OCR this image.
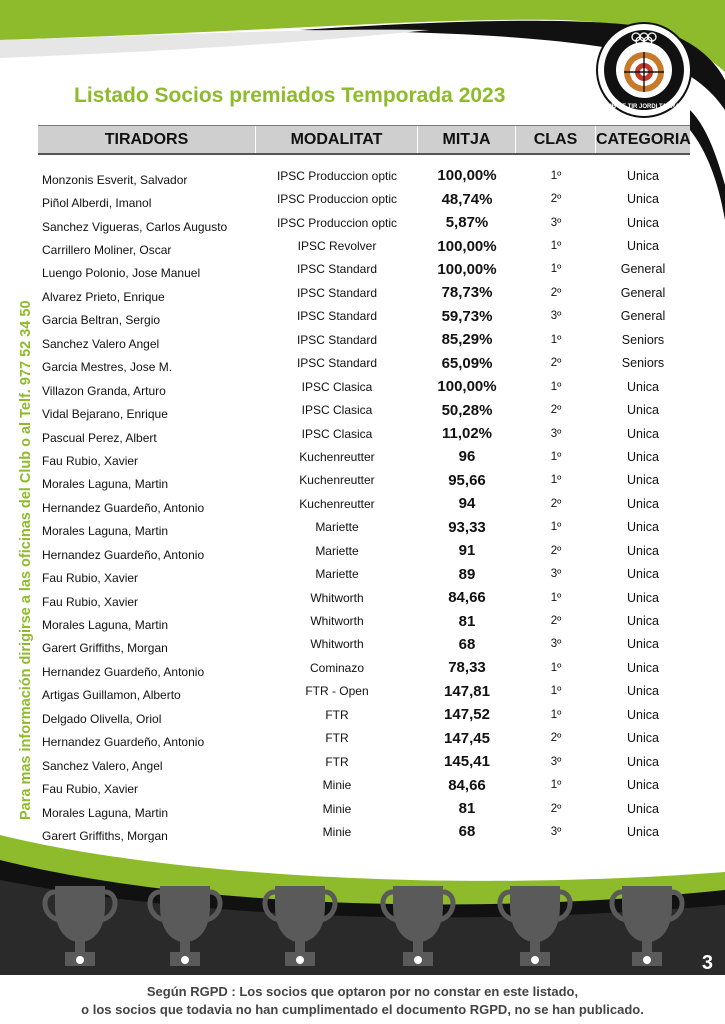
CLUB DE TIR JORDI TARRADO
Listado Socios premiados Temporada 2023
Para mas información dirigirse a las oficinas del Club o al Telf. 977 52 34 50
TIRADORS	MODALITAT	MITJA	CLAS	CATEGORIA
Monzonis Esverit, Salvador	IPSC Produccion optic	100,00%	1º	Unica
Piñol Alberdi, Imanol	IPSC Produccion optic	48,74%	2º	Unica
Sanchez Vigueras, Carlos Augusto	IPSC Produccion optic	5,87%	3º	Unica
Carrillero Moliner, Oscar	IPSC Revolver	100,00%	1º	Unica
Luengo Polonio, Jose Manuel	IPSC Standard	100,00%	1º	General
Alvarez Prieto, Enrique	IPSC Standard	78,73%	2º	General
Garcia Beltran, Sergio	IPSC Standard	59,73%	3º	General
Sanchez Valero Angel	IPSC Standard	85,29%	1º	Seniors
Garcia Mestres, Jose M.	IPSC Standard	65,09%	2º	Seniors
Villazon Granda, Arturo	IPSC Clasica	100,00%	1º	Unica
Vidal Bejarano, Enrique	IPSC Clasica	50,28%	2º	Unica
Pascual Perez, Albert	IPSC Clasica	11,02%	3º	Unica
Fau Rubio, Xavier	Kuchenreutter	96	1º	Unica
Morales Laguna, Martin	Kuchenreutter	95,66	1º	Unica
Hernandez Guardeño, Antonio	Kuchenreutter	94	2º	Unica
Morales Laguna, Martin	Mariette	93,33	1º	Unica
Hernandez Guardeño, Antonio	Mariette	91	2º	Unica
Fau Rubio, Xavier	Mariette	89	3º	Unica
Fau Rubio, Xavier	Whitworth	84,66	1º	Unica
Morales Laguna, Martin	Whitworth	81	2º	Unica
Garert Griffiths, Morgan	Whitworth	68	3º	Unica
Hernandez Guardeño, Antonio	Cominazo	78,33	1º	Unica
Artigas Guillamon, Alberto	FTR - Open	147,81	1º	Unica
Delgado Olivella, Oriol	FTR	147,52	1º	Unica
Hernandez Guardeño, Antonio	FTR	147,45	2º	Unica
Sanchez Valero, Angel	FTR	145,41	3º	Unica
Fau Rubio, Xavier	Minie	84,66	1º	Unica
Morales Laguna, Martin	Minie	81	2º	Unica
Garert Griffiths, Morgan	Minie	68	3º	Unica
3
Según RGPD : Los socios que optaron por no constar en este listado,
o los socios que todavia no han cumplimentado el documento RGPD, no se han publicado.
